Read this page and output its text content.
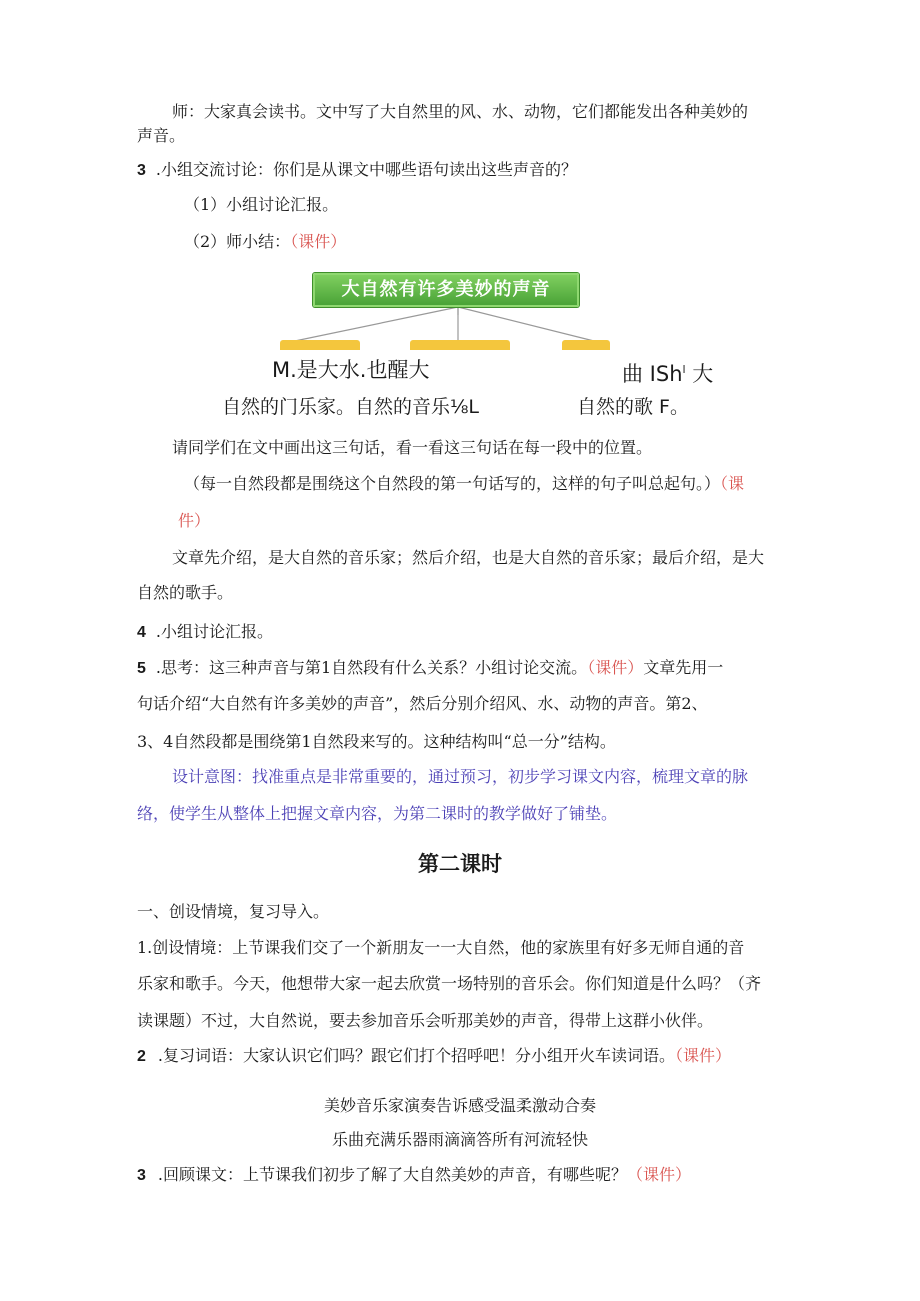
师：大家真会读书。文中写了大自然里的风、水、动物，它们都能发出各种美妙的
声音。
3 .小组交流讨论：你们是从课文中哪些语句读出这些声音的？
（1）小组讨论汇报。
（2）师小结：（课件）
大自然有许多美妙的声音
M.是大水.也醒大	曲 ISh$^l$ 大
自然的门乐家。自然的音乐⅛L	自然的歌 F。
请同学们在文中画出这三句话，看一看这三句话在每一段中的位置。
（每一自然段都是围绕这个自然段的第一句话写的，这样的句子叫总起句。）（课
件）
文章先介绍，是大自然的音乐家；然后介绍，也是大自然的音乐家；最后介绍，是大
自然的歌手。
4 .小组讨论汇报。
5 .思考：这三种声音与第1自然段有什么关系？小组讨论交流。（课件）文章先用一
句话介绍“大自然有许多美妙的声音”，然后分别介绍风、水、动物的声音。第2、
3、4自然段都是围绕第1自然段来写的。这种结构叫“总一分”结构。
设计意图：找准重点是非常重要的，通过预习，初步学习课文内容，梳理文章的脉
络，使学生从整体上把握文章内容，为第二课时的教学做好了铺垫。
第二课时
一、创设情境，复习导入。
1.创设情境：上节课我们交了一个新朋友一一大自然，他的家族里有好多无师自通的音
乐家和歌手。今天，他想带大家一起去欣赏一场特别的音乐会。你们知道是什么吗？（齐
读课题）不过，大自然说，要去参加音乐会听那美妙的声音，得带上这群小伙伴。
2 .复习词语：大家认识它们吗？跟它们打个招呼吧！分小组开火车读词语。（课件）
美妙音乐家演奏告诉感受温柔激动合奏
乐曲充满乐器雨滴滴答所有河流轻快
3 .回顾课文：上节课我们初步了解了大自然美妙的声音，有哪些呢？（课件）
